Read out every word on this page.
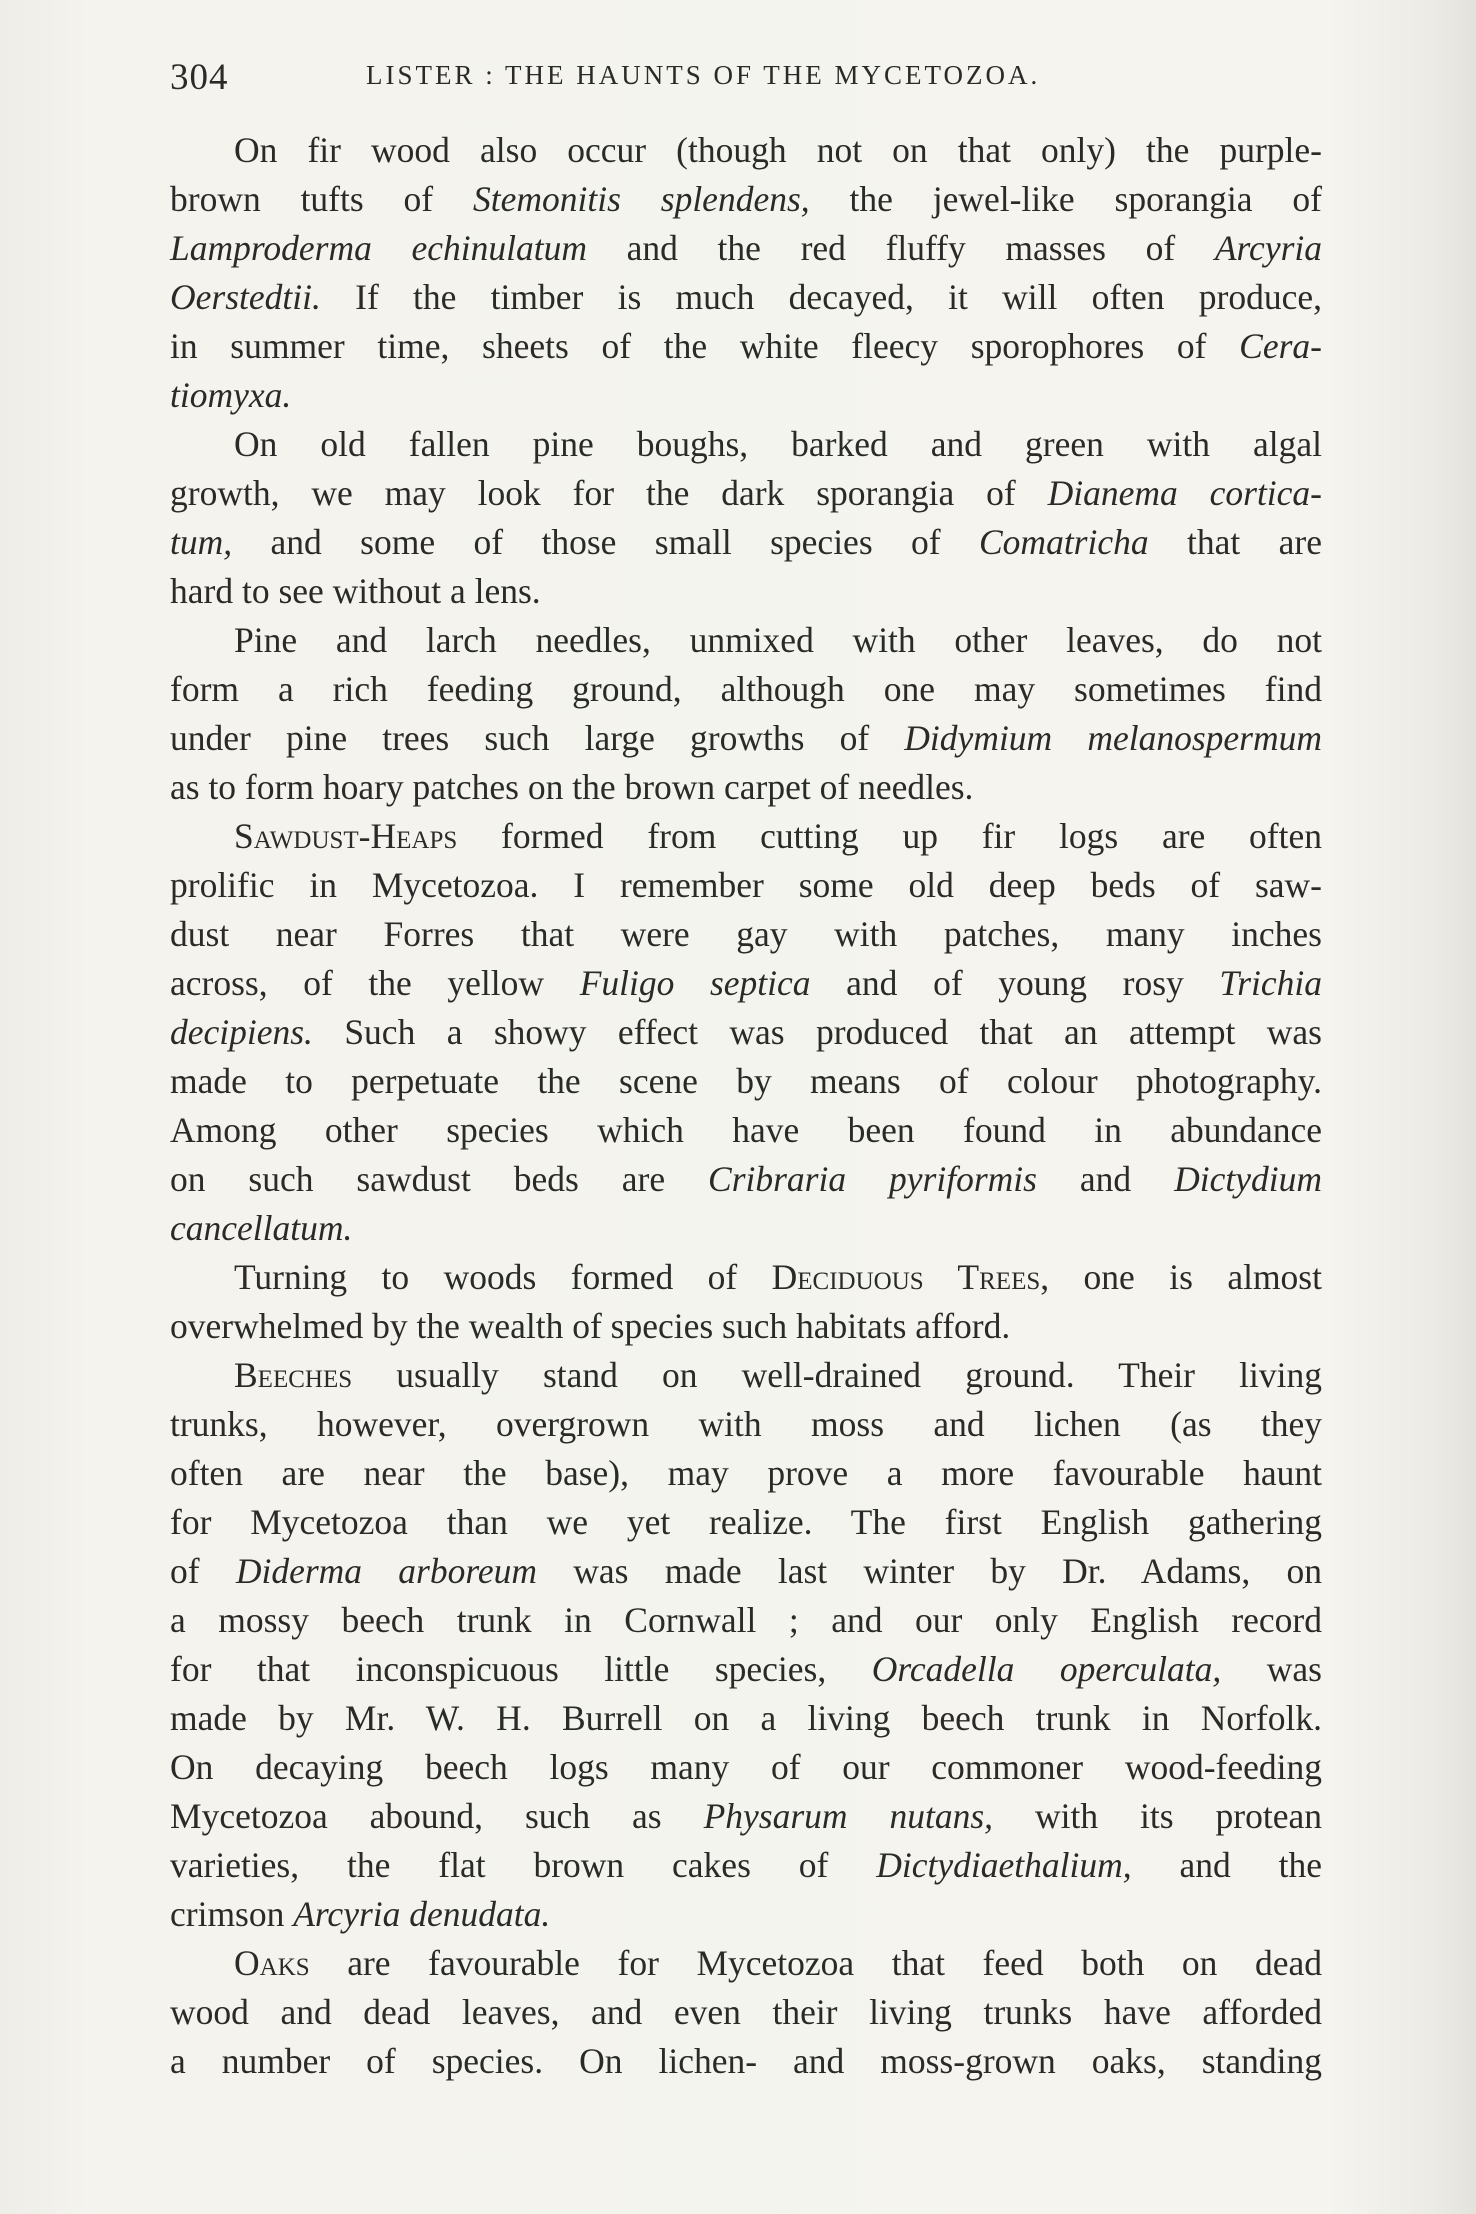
304	LISTER : THE HAUNTS OF THE MYCETOZOA.
On fir wood also occur (though not on that only) the purple-
brown tufts of Stemonitis splendens, the jewel-like sporangia of
Lamproderma echinulatum and the red fluffy masses of Arcyria
Oerstedtii. If the timber is much decayed, it will often produce,
in summer time, sheets of the white fleecy sporophores of Cera-
tiomyxa.
On old fallen pine boughs, barked and green with algal
growth, we may look for the dark sporangia of Dianema cortica-
tum, and some of those small species of Comatricha that are
hard to see without a lens.
Pine and larch needles, unmixed with other leaves, do not
form a rich feeding ground, although one may sometimes find
under pine trees such large growths of Didymium melanospermum
as to form hoary patches on the brown carpet of needles.
Sawdust-Heaps formed from cutting up fir logs are often
prolific in Mycetozoa. I remember some old deep beds of saw-
dust near Forres that were gay with patches, many inches
across, of the yellow Fuligo septica and of young rosy Trichia
decipiens. Such a showy effect was produced that an attempt was
made to perpetuate the scene by means of colour photography.
Among other species which have been found in abundance
on such sawdust beds are Cribraria pyriformis and Dictydium
cancellatum.
Turning to woods formed of Deciduous Trees, one is almost
overwhelmed by the wealth of species such habitats afford.
Beeches usually stand on well-drained ground. Their living
trunks, however, overgrown with moss and lichen (as they
often are near the base), may prove a more favourable haunt
for Mycetozoa than we yet realize. The first English gathering
of Diderma arboreum was made last winter by Dr. Adams, on
a mossy beech trunk in Cornwall ; and our only English record
for that inconspicuous little species, Orcadella operculata, was
made by Mr. W. H. Burrell on a living beech trunk in Norfolk.
On decaying beech logs many of our commoner wood-feeding
Mycetozoa abound, such as Physarum nutans, with its protean
varieties, the flat brown cakes of Dictydiaethalium, and the
crimson Arcyria denudata.
Oaks are favourable for Mycetozoa that feed both on dead
wood and dead leaves, and even their living trunks have afforded
a number of species. On lichen- and moss-grown oaks, standing
